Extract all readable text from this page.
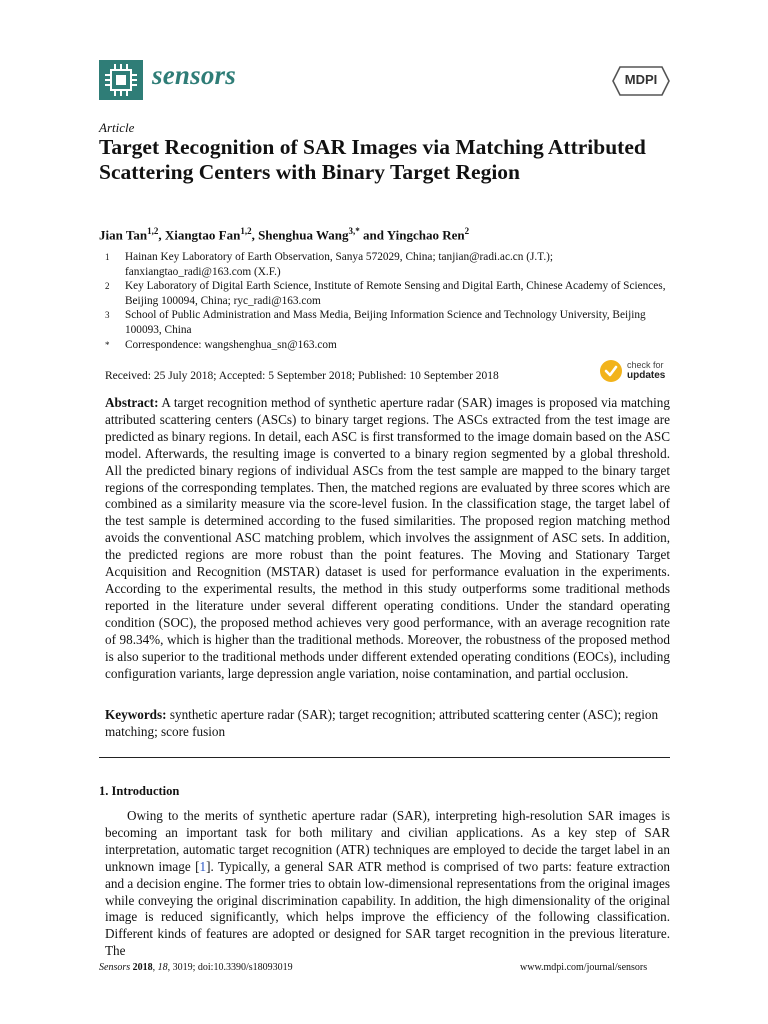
sensors	MDPI
Article
Target Recognition of SAR Images via Matching Attributed Scattering Centers with Binary Target Region
Jian Tan$^{1,2}$, Xiangtao Fan$^{1,2}$, Shenghua Wang$^{3,*}$ and Yingchao Ren$^2$
1 Hainan Key Laboratory of Earth Observation, Sanya 572029, China; tanjian@radi.ac.cn (J.T.); fanxiangtao_radi@163.com (X.F.)
2 Key Laboratory of Digital Earth Science, Institute of Remote Sensing and Digital Earth, Chinese Academy of Sciences, Beijing 100094, China; ryc_radi@163.com
3 School of Public Administration and Mass Media, Beijing Information Science and Technology University, Beijing 100093, China
* Correspondence: wangshenghua_sn@163.com
check for
updates
Received: 25 July 2018; Accepted: 5 September 2018; Published: 10 September 2018

Abstract: A target recognition method of synthetic aperture radar (SAR) images is proposed via matching attributed scattering centers (ASCs) to binary target regions. The ASCs extracted from the test image are predicted as binary regions. In detail, each ASC is first transformed to the image domain based on the ASC model. Afterwards, the resulting image is converted to a binary region segmented by a global threshold. All the predicted binary regions of individual ASCs from the test sample are mapped to the binary target regions of the corresponding templates. Then, the matched regions are evaluated by three scores which are combined as a similarity measure via the score-level fusion. In the classification stage, the target label of the test sample is determined according to the fused similarities. The proposed region matching method avoids the conventional ASC matching problem, which involves the assignment of ASC sets. In addition, the predicted regions are more robust than the point features. The Moving and Stationary Target Acquisition and Recognition (MSTAR) dataset is used for performance evaluation in the experiments. According to the experimental results, the method in this study outperforms some traditional methods reported in the literature under several different operating conditions. Under the standard operating condition (SOC), the proposed method achieves very good performance, with an average recognition rate of 98.34%, which is higher than the traditional methods. Moreover, the robustness of the proposed method is also superior to the traditional methods under different extended operating conditions (EOCs), including configuration variants, large depression angle variation, noise contamination, and partial occlusion.

Keywords: synthetic aperture radar (SAR); target recognition; attributed scattering center (ASC); region matching; score fusion

1. Introduction

Owing to the merits of synthetic aperture radar (SAR), interpreting high-resolution SAR images is becoming an important task for both military and civilian applications. As a key step of SAR interpretation, automatic target recognition (ATR) techniques are employed to decide the target label in an unknown image [1]. Typically, a general SAR ATR method is comprised of two parts: feature extraction and a decision engine. The former tries to obtain low-dimensional representations from the original images while conveying the original discrimination capability. In addition, the high dimensionality of the original image is reduced significantly, which helps improve the efficiency of the following classification. Different kinds of features are adopted or designed for SAR target recognition in the previous literature. The

Sensors 2018, 18, 3019; doi:10.3390/s18093019	www.mdpi.com/journal/sensors
